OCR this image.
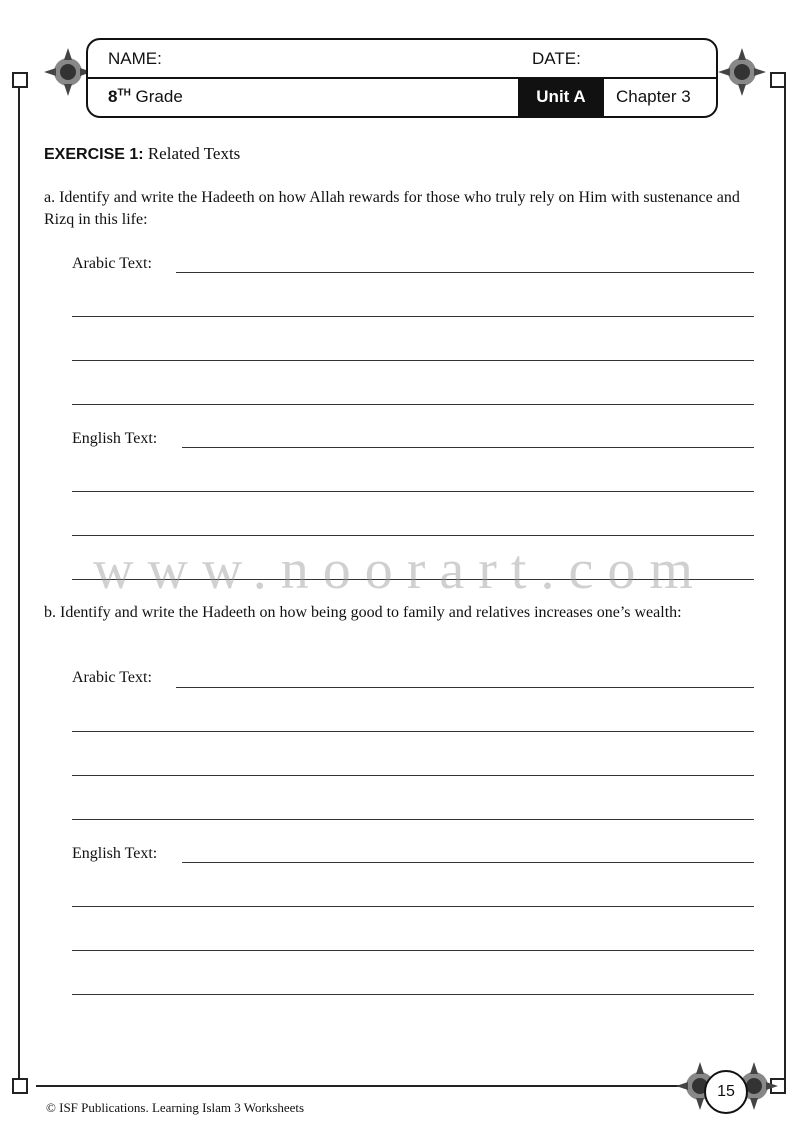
NAME:	DATE:
8TH Grade	Unit A	Chapter 3
EXERCISE 1: Related Texts
a. Identify and write the Hadeeth on how Allah rewards for those who truly rely on Him with sustenance and Rizq in this life:
Arabic Text:
English Text:
www.noorart.com
b. Identify and write the Hadeeth on how being good to family and relatives increases one’s wealth:
Arabic Text:
English Text:
15
© ISF Publications. Learning Islam 3 Worksheets
